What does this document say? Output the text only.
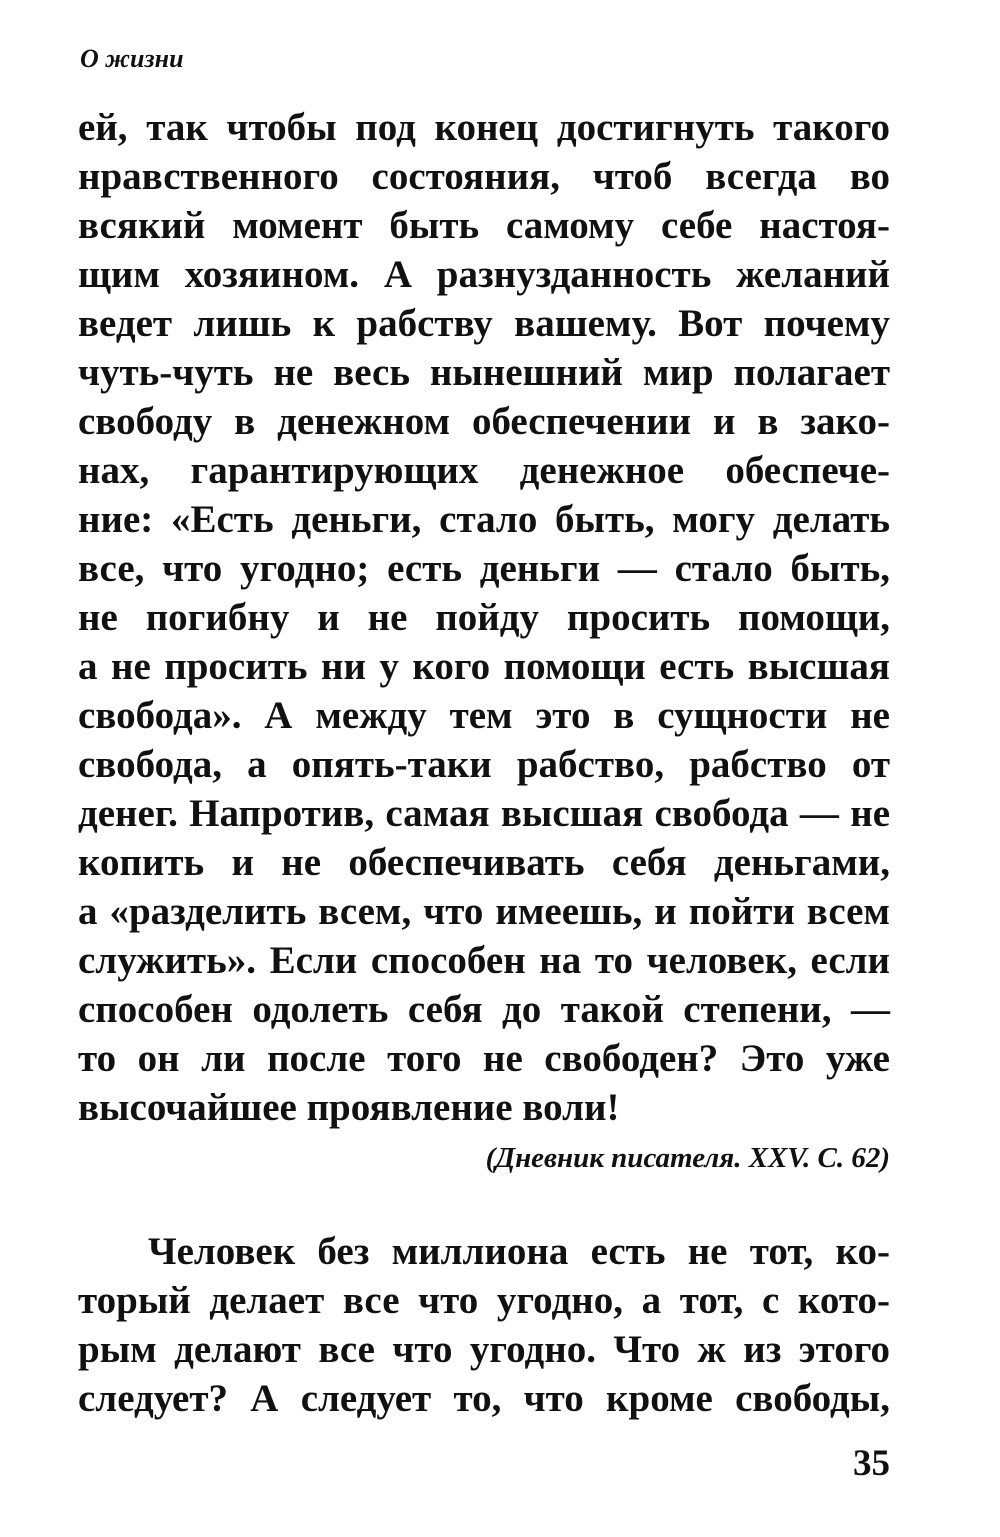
О жизни
ей, так чтобы под конец достигнуть такого
нравственного состояния, чтоб всегда во
всякий момент быть самому себе настоя-
щим хозяином. А разнузданность желаний
ведет лишь к рабству вашему. Вот почему
чуть-чуть не весь нынешний мир полагает
свободу в денежном обеспечении и в зако-
нах, гарантирующих денежное обеспече-
ние: «Есть деньги, стало быть, могу делать
все, что угодно; есть деньги — стало быть,
не погибну и не пойду просить помощи,
а не просить ни у кого помощи есть высшая
свобода». А между тем это в сущности не
свобода, а опять-таки рабство, рабство от
денег. Напротив, самая высшая свобода — не
копить и не обеспечивать себя деньгами,
а «разделить всем, что имеешь, и пойти всем
служить». Если способен на то человек, если
способен одолеть себя до такой степени, —
то он ли после того не свободен? Это уже
высочайшее проявление воли!
(Дневник писателя. XXV. С. 62)
Человек без миллиона есть не тот, ко-
торый делает все что угодно, а тот, с кото-
рым делают все что угодно. Что ж из этого
следует? А следует то, что кроме свободы,
35
